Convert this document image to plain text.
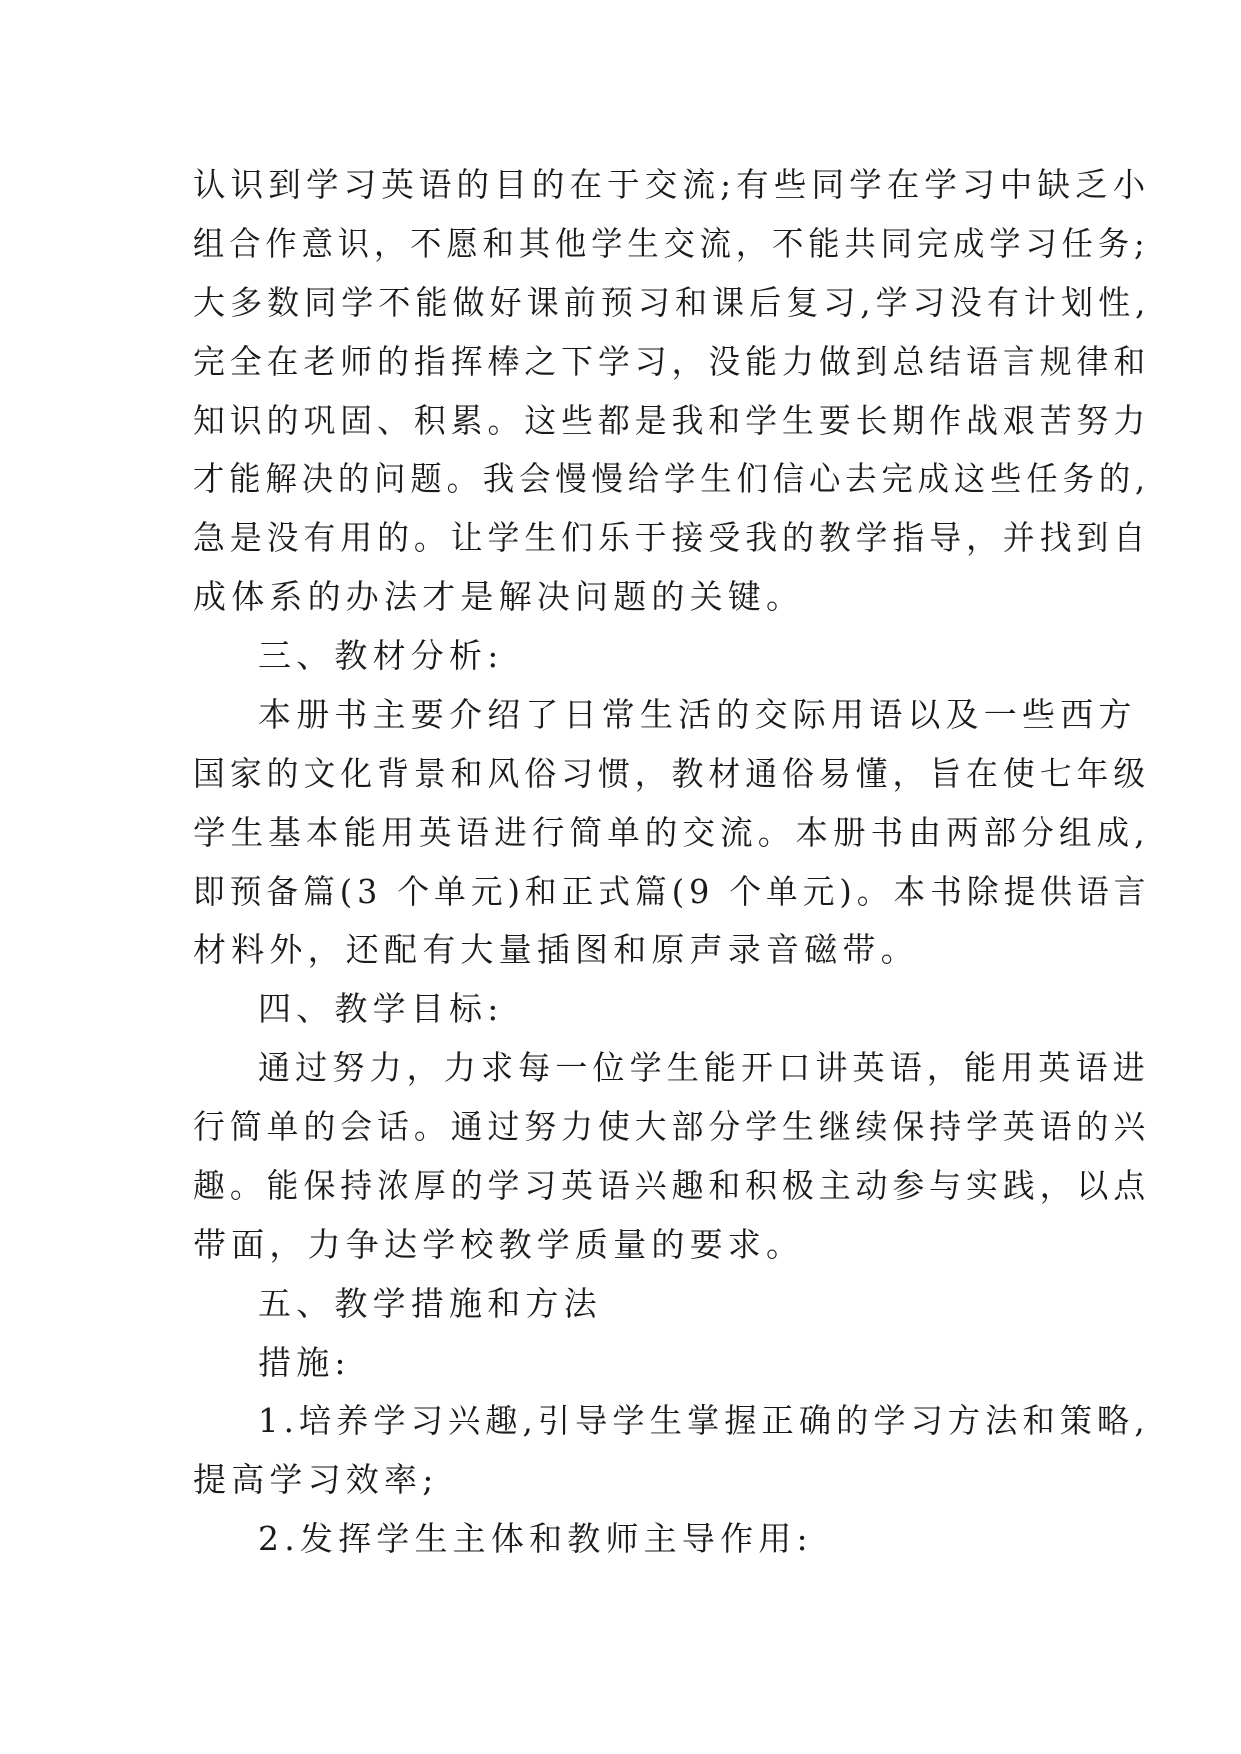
认识到学习英语的目的在于交流;有些同学在学习中缺乏小
组合作意识，不愿和其他学生交流，不能共同完成学习任务;
大多数同学不能做好课前预习和课后复习,学习没有计划性,
完全在老师的指挥棒之下学习，没能力做到总结语言规律和
知识的巩固、积累。这些都是我和学生要长期作战艰苦努力
才能解决的问题。我会慢慢给学生们信心去完成这些任务的,
急是没有用的。让学生们乐于接受我的教学指导，并找到自
成体系的办法才是解决问题的关键。
三、教材分析:
本册书主要介绍了日常生活的交际用语以及一些西方
国家的文化背景和风俗习惯，教材通俗易懂，旨在使七年级
学生基本能用英语进行简单的交流。本册书由两部分组成,
即预备篇(3 个单元)和正式篇(9 个单元)。本书除提供语言
材料外，还配有大量插图和原声录音磁带。
四、教学目标:
通过努力，力求每一位学生能开口讲英语，能用英语进
行简单的会话。通过努力使大部分学生继续保持学英语的兴
趣。能保持浓厚的学习英语兴趣和积极主动参与实践，以点
带面，力争达学校教学质量的要求。
五、教学措施和方法
措施:
1.培养学习兴趣,引导学生掌握正确的学习方法和策略,
提高学习效率;
2.发挥学生主体和教师主导作用:
